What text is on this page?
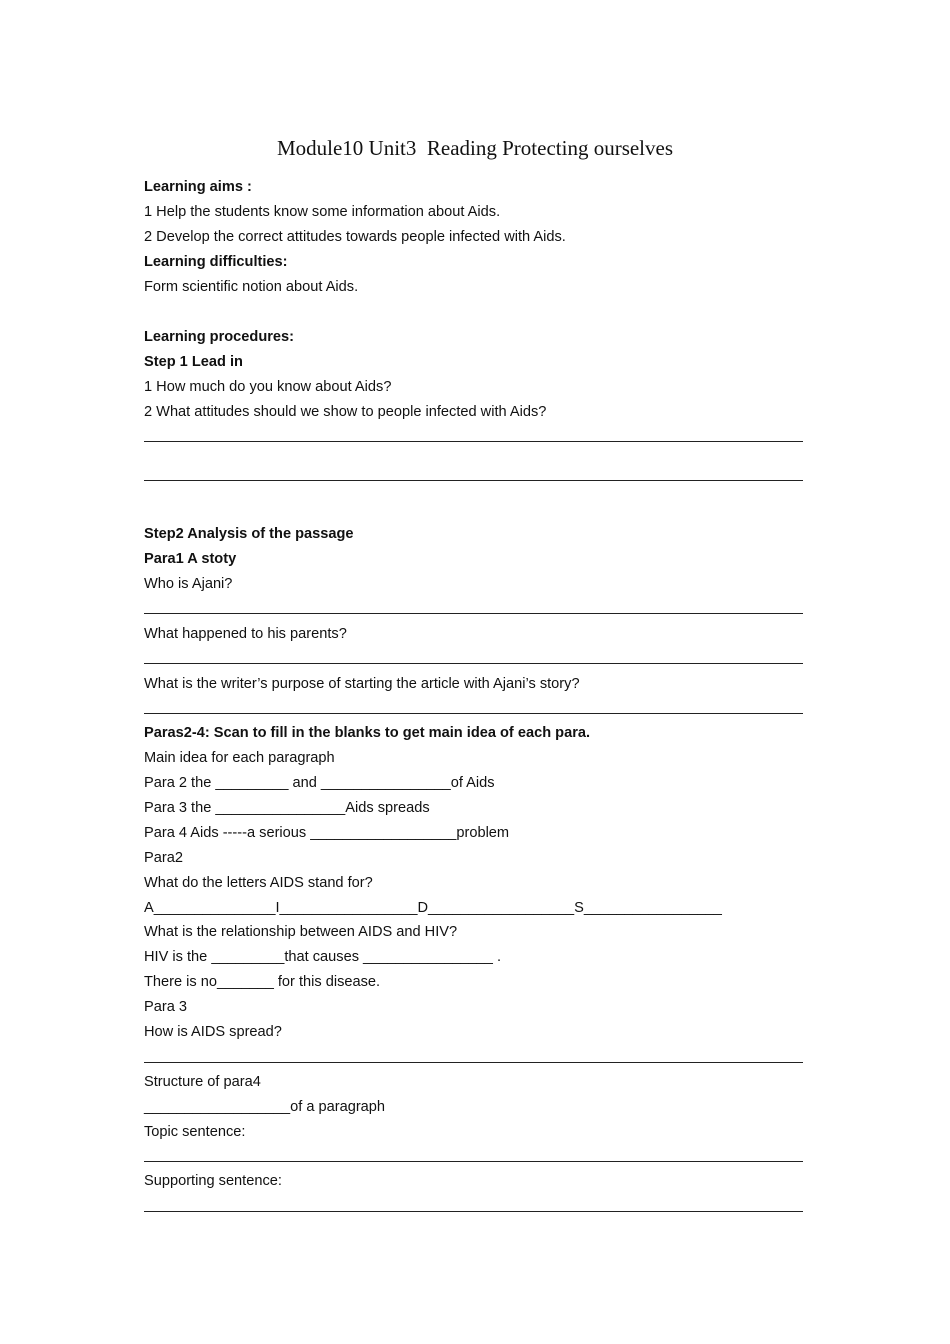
Module10 Unit3  Reading Protecting ourselves
Learning aims :
1 Help the students know some information about Aids.
2 Develop the correct attitudes towards people infected with Aids.
Learning difficulties:
Form scientific notion about Aids.
Learning procedures:
Step 1 Lead in
1 How much do you know about Aids?
2 What attitudes should we show to people infected with Aids?
Step2 Analysis of the passage
Para1 A stoty
Who is Ajani?
What happened to his parents?
What is the writer’s purpose of starting the article with Ajani’s story?
Paras2-4: Scan to fill in the blanks to get main idea of each para.
Main idea for each paragraph
Para 2 the _________ and ________________of Aids
Para 3 the ________________Aids spreads
Para 4 Aids -----a serious __________________problem
Para2
What do the letters AIDS stand for?
A_______________I_________________D__________________S_________________
What is the relationship between AIDS and HIV?
HIV is the _________that causes ________________ .
There is no_______ for this disease.
Para 3
How is AIDS spread?
Structure of para4
__________________of a paragraph
Topic sentence:
Supporting sentence:
